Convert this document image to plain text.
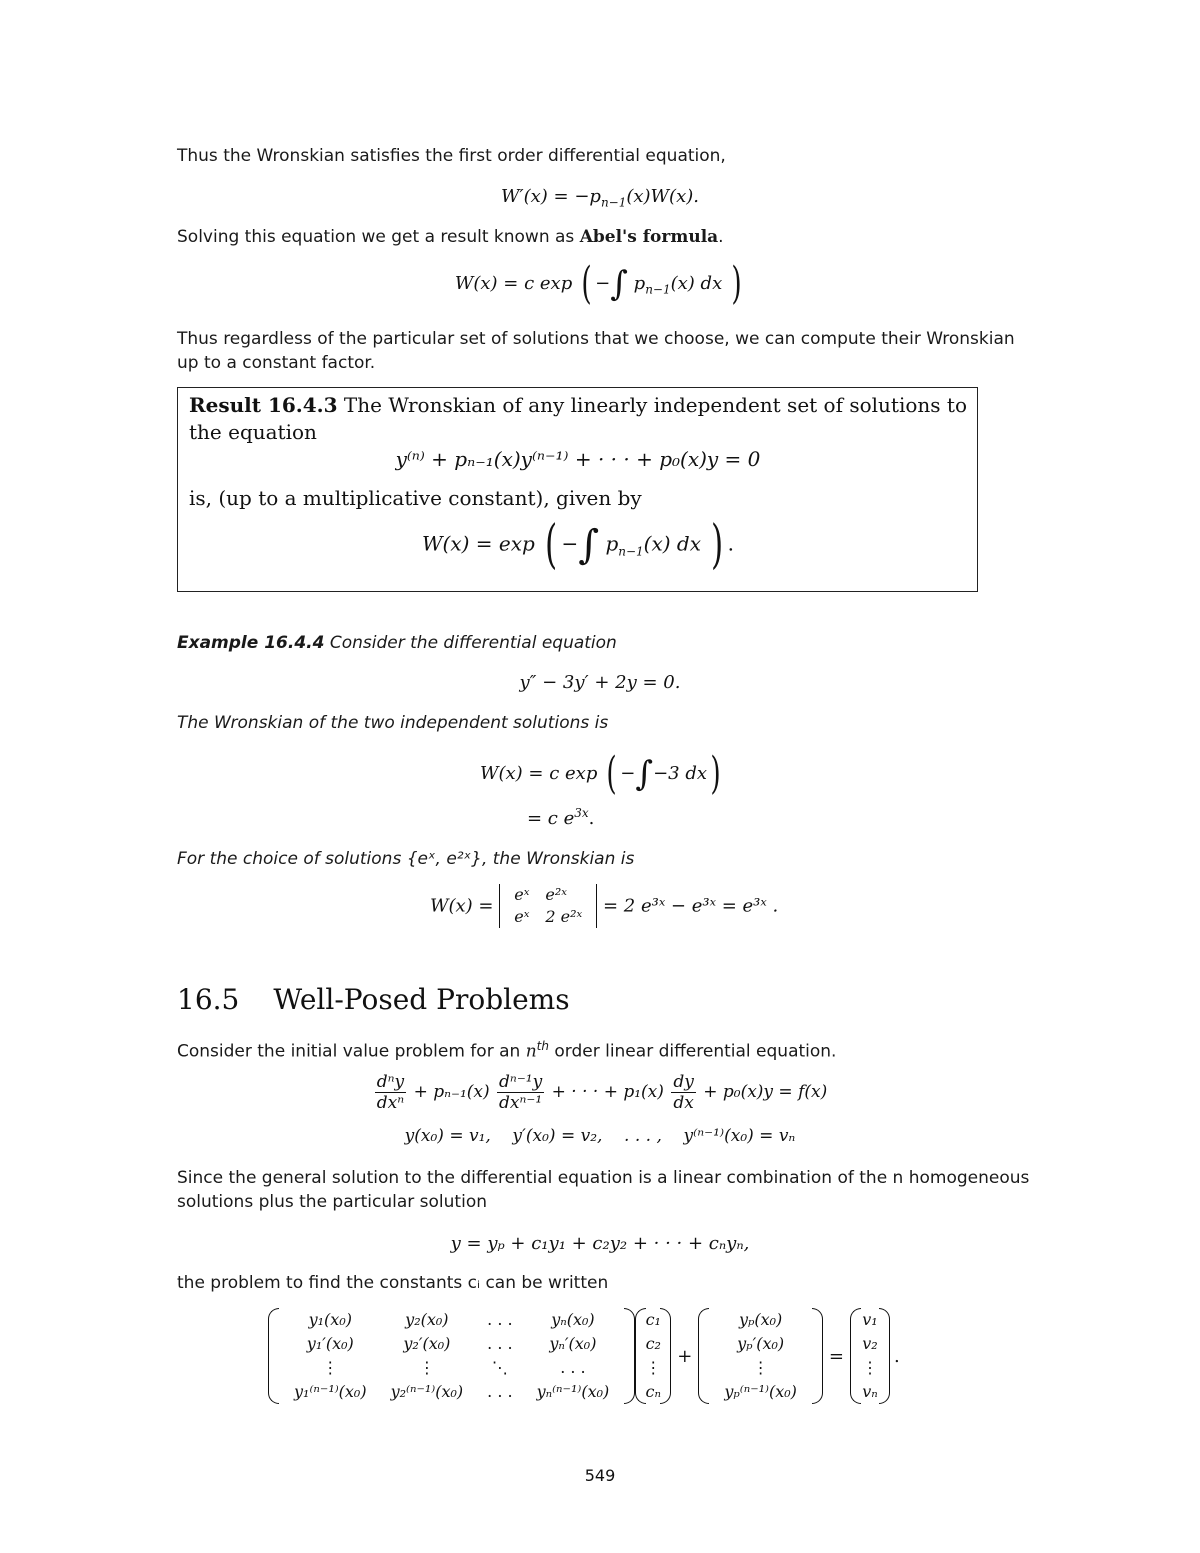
Thus the Wronskian satisfies the first order differential equation,
$W'(x) = -p_{n-1}(x)W(x)$.
Solving this equation we get a result known as Abel's formula.
W(x) = c exp ( −∫ $p_{n-1}(x)$ dx )
Thus regardless of the particular set of solutions that we choose, we can compute their Wronskian
up to a constant factor.
Result 16.4.3 The Wronskian of any linearly independent set of solutions to
the equation
y⁽ⁿ⁾ + pₙ₋₁(x)y⁽ⁿ⁻¹⁾ + · · · + p₀(x)y = 0
is, (up to a multiplicative constant), given by
W(x) = exp ( −∫ $p_{n-1}(x)$ dx ) .
Example 16.4.4 Consider the differential equation
y″ − 3y′ + 2y = 0.
The Wronskian of the two independent solutions is
W(x) = c exp ( −∫−3 dx)
= c $e^{3x}$.
For the choice of solutions {eˣ, e²ˣ}, the Wronskian is
W(x) =
eˣ	e²ˣ
eˣ	2 e²ˣ = 2 e³ˣ − e³ˣ = e³ˣ .
16.5 Well-Posed Problems
Consider the initial value problem for an $n^{th}$ order linear differential equation.
$\frac{\text{dⁿy}}{\text{dxⁿ}} + p_{n-1}(x) \frac{\text{dⁿ⁻¹y}}{\text{dxⁿ⁻¹}}$ + · · · + $p_1(x) \frac{dy}{dx} + p_0(x)y = f(x)$
y(x₀) = v₁,    y′(x₀) = v₂,    . . . ,    y⁽ⁿ⁻¹⁾(x₀) = vₙ
Since the general solution to the differential equation is a linear combination of the n homogeneous
solutions plus the particular solution
y = yₚ + c₁y₁ + c₂y₂ + · · · + cₙyₙ,
the problem to find the constants cᵢ can be written
y₁(x₀)	y₂(x₀)	. . .	yₙ(x₀)
y₁′(x₀)	y₂′(x₀)	. . .	yₙ′(x₀)
⋮	⋮	⋱	. . .
y₁⁽ⁿ⁻¹⁾(x₀)	y₂⁽ⁿ⁻¹⁾(x₀)	. . .	yₙ⁽ⁿ⁻¹⁾(x₀)
c₁
c₂
⋮
cₙ
+
yₚ(x₀)
yₚ′(x₀)
⋮
yₚ⁽ⁿ⁻¹⁾(x₀)
=
v₁
v₂
⋮
vₙ
.
549
